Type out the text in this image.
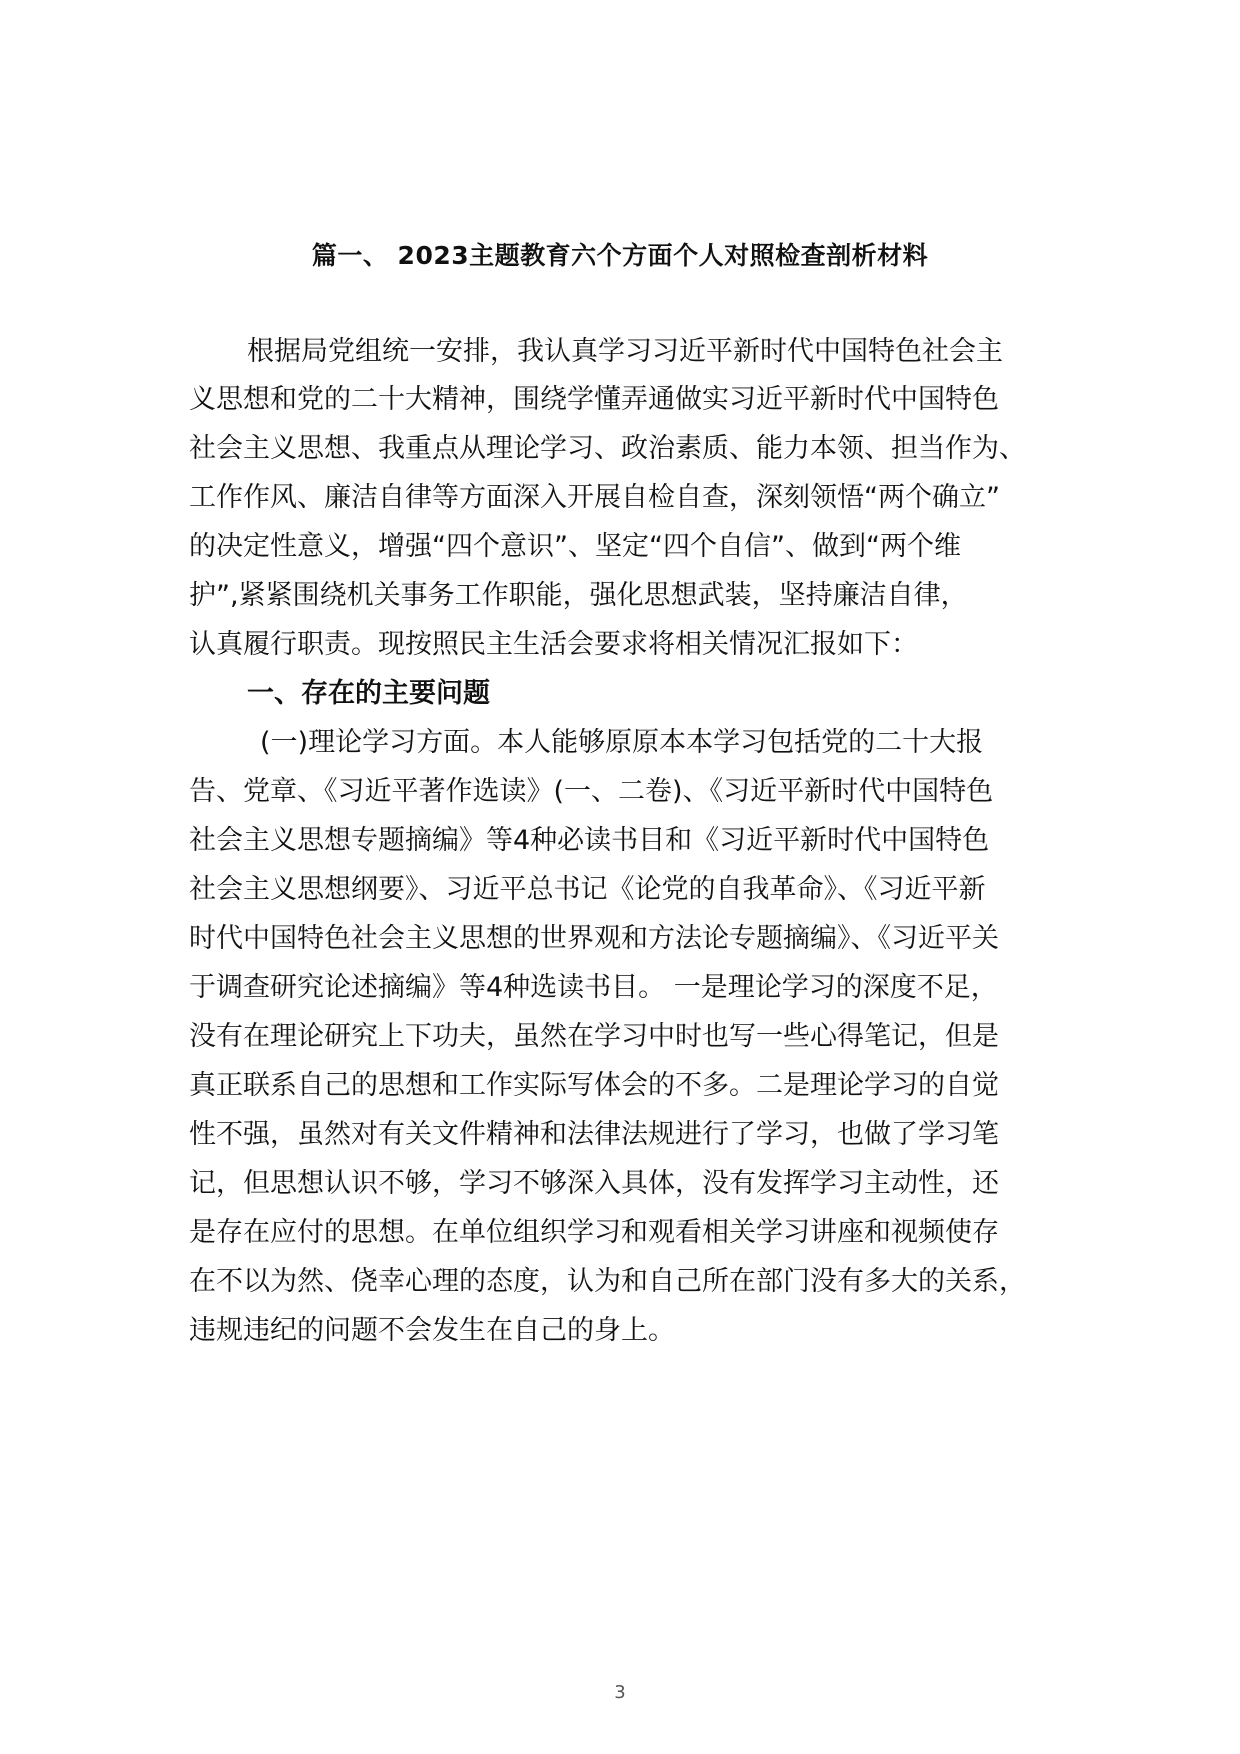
篇一、 2023主题教育六个方面个人对照检查剖析材料
根据局党组统一安排，我认真学习习近平新时代中国特色社会主
义思想和党的二十大精神，围绕学懂弄通做实习近平新时代中国特色
社会主义思想、我重点从理论学习、政治素质、能力本领、担当作为、
工作作风、廉洁自律等方面深入开展自检自查，深刻领悟“两个确立”
的决定性意义，增强“四个意识”、坚定“四个自信”、做到“两个维
护”,紧紧围绕机关事务工作职能，强化思想武装，坚持廉洁自律，
认真履行职责。现按照民主生活会要求将相关情况汇报如下：
一、存在的主要问题
(一)理论学习方面。本人能够原原本本学习包括党的二十大报
告、党章、《习近平著作选读》(一、二卷)、《习近平新时代中国特色
社会主义思想专题摘编》等4种必读书目和《习近平新时代中国特色
社会主义思想纲要》、习近平总书记《论党的自我革命》、《习近平新
时代中国特色社会主义思想的世界观和方法论专题摘编》、《习近平关
于调查研究论述摘编》等4种选读书目。 一是理论学习的深度不足，
没有在理论研究上下功夫，虽然在学习中时也写一些心得笔记，但是
真正联系自己的思想和工作实际写体会的不多。二是理论学习的自觉
性不强，虽然对有关文件精神和法律法规进行了学习，也做了学习笔
记，但思想认识不够，学习不够深入具体，没有发挥学习主动性，还
是存在应付的思想。在单位组织学习和观看相关学习讲座和视频使存
在不以为然、侥幸心理的态度，认为和自己所在部门没有多大的关系，
违规违纪的问题不会发生在自己的身上。
3
